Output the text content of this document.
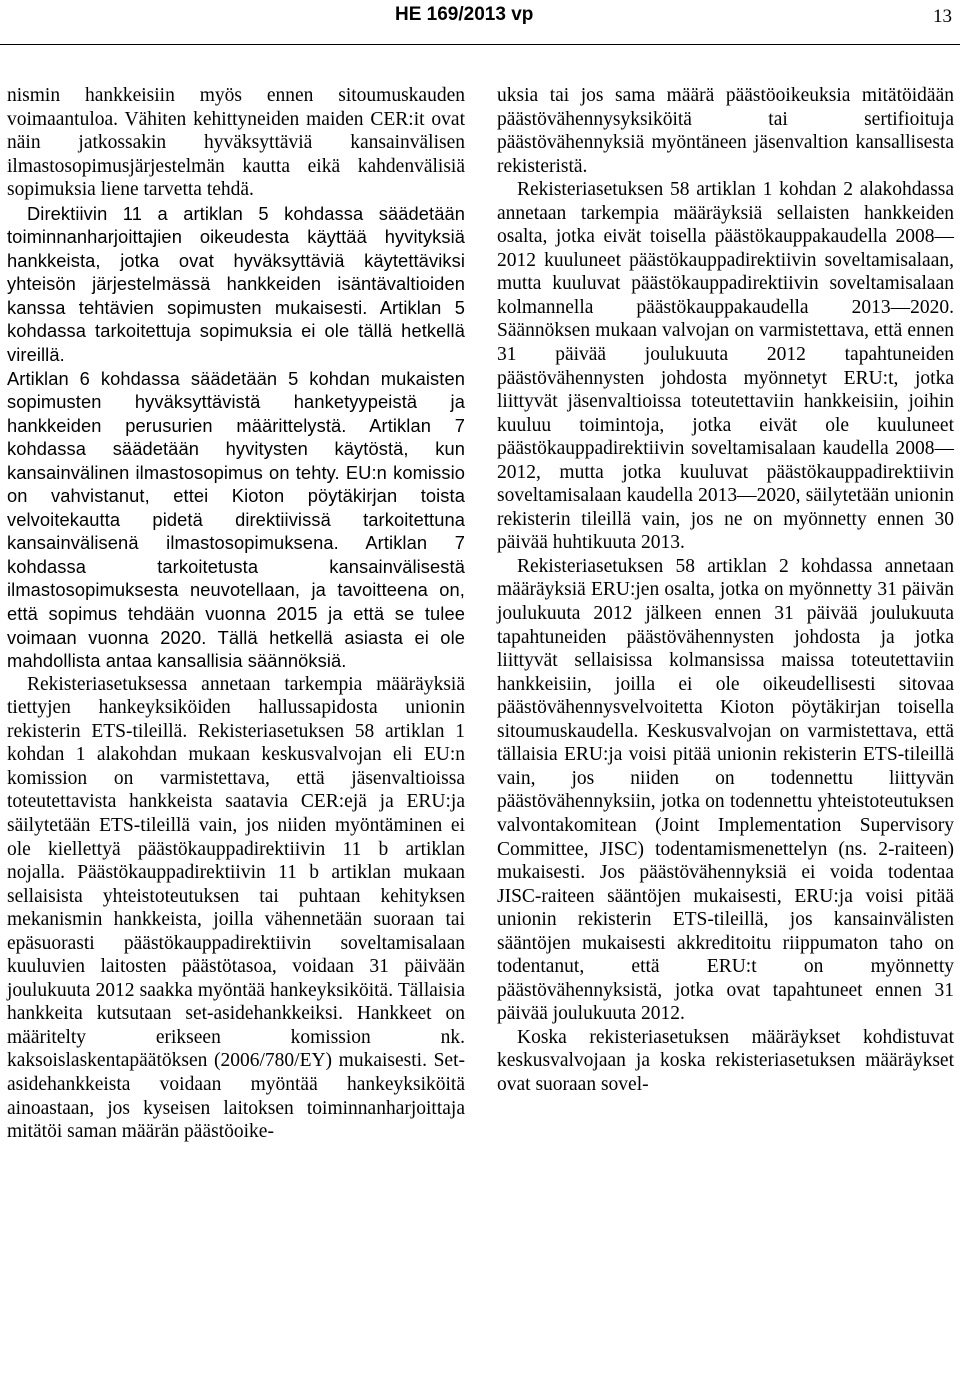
HE 169/2013 vp	13

nismin hankkeisiin myös ennen sitoumuskauden voimaantuloa. Vähiten kehittyneiden maiden CER:it ovat näin jatkossakin hyväksyttäviä kansainvälisen ilmastosopimusjärjestelmän kautta eikä kahdenvälisiä sopimuksia liene tarvetta tehdä.

Direktiivin 11 a artiklan 5 kohdassa säädetään toiminnanharjoittajien oikeudesta käyttää hyvityksiä hankkeista, jotka ovat hyväksyttäviä käytettäviksi yhteisön järjestelmässä hankkeiden isäntävaltioiden kanssa tehtävien sopimusten mukaisesti. Artiklan 5 kohdassa tarkoitettuja sopimuksia ei ole tällä hetkellä vireillä.

Artiklan 6 kohdassa säädetään 5 kohdan mukaisten sopimusten hyväksyttävistä hanketyypeistä ja hankkeiden perusurien määrittelystä. Artiklan 7 kohdassa säädetään hyvitysten käytöstä, kun kansainvälinen ilmastosopimus on tehty. EU:n komissio on vahvistanut, ettei Kioton pöytäkirjan toista velvoitekautta pidetä direktiivissä tarkoitettuna kansainvälisenä ilmastosopimuksena. Artiklan 7 kohdassa tarkoitetusta kansainvälisestä ilmastosopimuksesta neuvotellaan, ja tavoitteena on, että sopimus tehdään vuonna 2015 ja että se tulee voimaan vuonna 2020. Tällä hetkellä asiasta ei ole mahdollista antaa kansallisia säännöksiä.

Rekisteriasetuksessa annetaan tarkempia määräyksiä tiettyjen hankeyksiköiden hallussapidosta unionin rekisterin ETS-tileillä. Rekisteriasetuksen 58 artiklan 1 kohdan 1 alakohdan mukaan keskusvalvojan eli EU:n komission on varmistettava, että jäsenvaltioissa toteutettavista hankkeista saatavia CER:ejä ja ERU:ja säilytetään ETS-tileillä vain, jos niiden myöntäminen ei ole kiellettyä päästökauppadirektiivin 11 b artiklan nojalla. Päästökauppadirektiivin 11 b artiklan mukaan sellaisista yhteistoteutuksen tai puhtaan kehityksen mekanismin hankkeista, joilla vähennetään suoraan tai epäsuorasti päästökauppadirektiivin soveltamisalaan kuuluvien laitosten päästötasoa, voidaan 31 päivään joulukuuta 2012 saakka myöntää hankeyksiköitä. Tällaisia hankkeita kutsutaan set-asidehankkeiksi. Hankkeet on määritelty erikseen komission nk. kaksoislaskentapäätöksen (2006/780/EY) mukaisesti. Set-asidehankkeista voidaan myöntää hankeyksiköitä ainoastaan, jos kyseisen laitoksen toiminnanharjoittaja mitätöi saman määrän päästöoike-

uksia tai jos sama määrä päästöoikeuksia mitätöidään päästövähennysyksiköitä tai sertifioituja päästövähennyksiä myöntäneen jäsenvaltion kansallisesta rekisteristä.

Rekisteriasetuksen 58 artiklan 1 kohdan 2 alakohdassa annetaan tarkempia määräyksiä sellaisten hankkeiden osalta, jotka eivät toisella päästökauppakaudella 2008—2012 kuuluneet päästökauppadirektiivin soveltamisalaan, mutta kuuluvat päästökauppadirektiivin soveltamisalaan kolmannella päästökauppakaudella 2013—2020. Säännöksen mukaan valvojan on varmistettava, että ennen 31 päivää joulukuuta 2012 tapahtuneiden päästövähennysten johdosta myönnetyt ERU:t, jotka liittyvät jäsenvaltioissa toteutettaviin hankkeisiin, joihin kuuluu toimintoja, jotka eivät ole kuuluneet päästökauppadirektiivin soveltamisalaan kaudella 2008—2012, mutta jotka kuuluvat päästökauppadirektiivin soveltamisalaan kaudella 2013—2020, säilytetään unionin rekisterin tileillä vain, jos ne on myönnetty ennen 30 päivää huhtikuuta 2013.

Rekisteriasetuksen 58 artiklan 2 kohdassa annetaan määräyksiä ERU:jen osalta, jotka on myönnetty 31 päivän joulukuuta 2012 jälkeen ennen 31 päivää joulukuuta tapahtuneiden päästövähennysten johdosta ja jotka liittyvät sellaisissa kolmansissa maissa toteutettaviin hankkeisiin, joilla ei ole oikeudellisesti sitovaa päästövähennysvelvoitetta Kioton pöytäkirjan toisella sitoumuskaudella. Keskusvalvojan on varmistettava, että tällaisia ERU:ja voisi pitää unionin rekisterin ETS-tileillä vain, jos niiden on todennettu liittyvän päästövähennyksiin, jotka on todennettu yhteistoteutuksen valvontakomitean (Joint Implementation Supervisory Committee, JISC) todentamismenettelyn (ns. 2-raiteen) mukaisesti. Jos päästövähennyksiä ei voida todentaa JISC-raiteen sääntöjen mukaisesti, ERU:ja voisi pitää unionin rekisterin ETS-tileillä, jos kansainvälisten sääntöjen mukaisesti akkreditoitu riippumaton taho on todentanut, että ERU:t on myönnetty päästövähennyksistä, jotka ovat tapahtuneet ennen 31 päivää joulukuuta 2012.

Koska rekisteriasetuksen määräykset kohdistuvat keskusvalvojaan ja koska rekisteriasetuksen määräykset ovat suoraan sovel-
